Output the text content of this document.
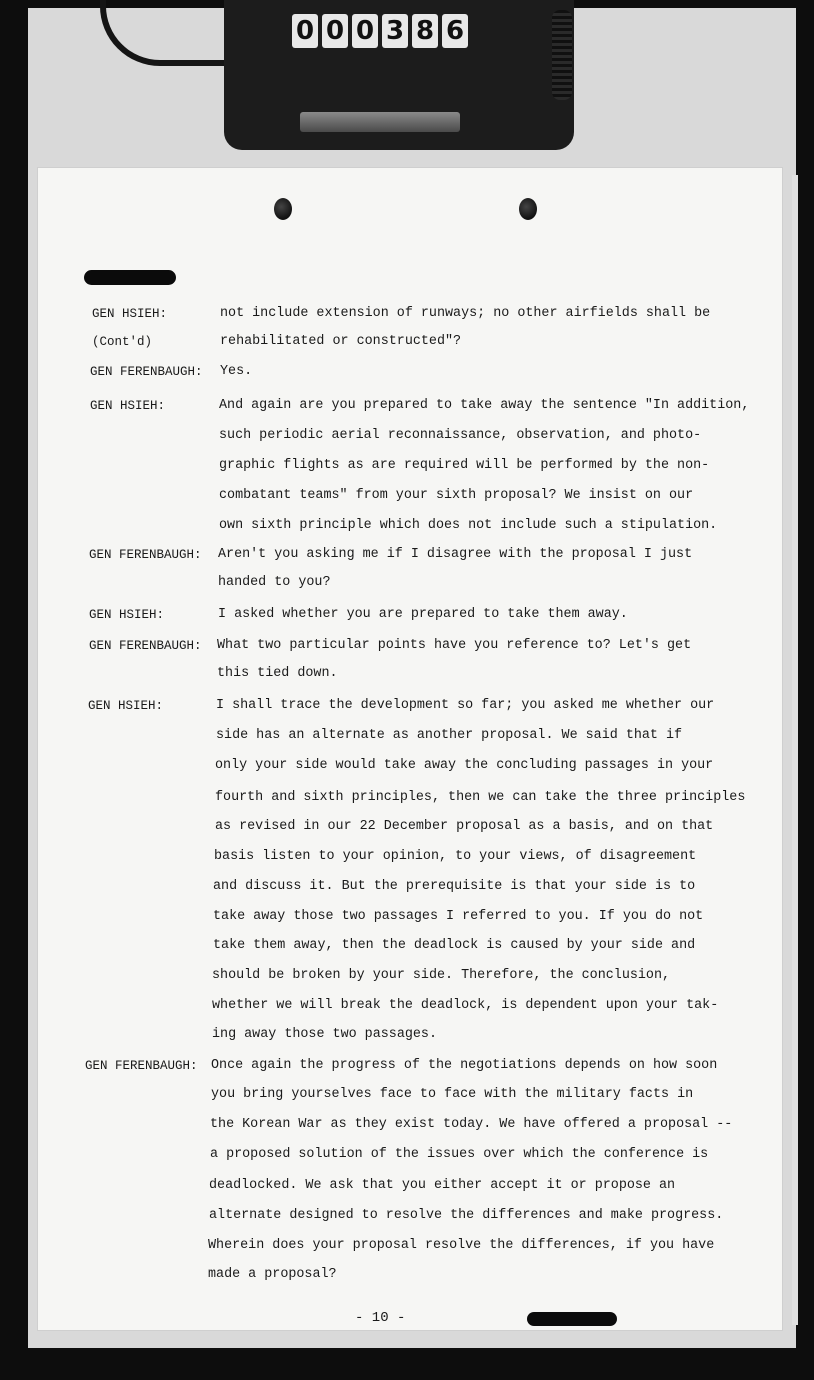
0 0 0 3 8 6
GEN HSIEH:	not include extension of runways; no other airfields shall be
(Cont'd)	rehabilitated or constructed"?
GEN FERENBAUGH: Yes.
GEN HSIEH:	And again are you prepared to take away the sentence "In addition,
such periodic aerial reconnaissance, observation, and photo-
graphic flights as are required will be performed by the non-
combatant teams" from your sixth proposal? We insist on our
own sixth principle which does not include such a stipulation.
GEN FERENBAUGH: Aren't you asking me if I disagree with the proposal I just
handed to you?
GEN HSIEH:	I asked whether you are prepared to take them away.
GEN FERENBAUGH: What two particular points have you reference to? Let's get
this tied down.
GEN HSIEH:	I shall trace the development so far; you asked me whether our
side has an alternate as another proposal. We said that if
only your side would take away the concluding passages in your
fourth and sixth principles, then we can take the three principles
as revised in our 22 December proposal as a basis, and on that
basis listen to your opinion, to your views, of disagreement
and discuss it. But the prerequisite is that your side is to
take away those two passages I referred to you. If you do not
take them away, then the deadlock is caused by your side and
should be broken by your side. Therefore, the conclusion,
whether we will break the deadlock, is dependent upon your tak-
ing away those two passages.
GEN FERENBAUGH: Once again the progress of the negotiations depends on how soon
you bring yourselves face to face with the military facts in
the Korean War as they exist today. We have offered a proposal --
a proposed solution of the issues over which the conference is
deadlocked. We ask that you either accept it or propose an
alternate designed to resolve the differences and make progress.
Wherein does your proposal resolve the differences, if you have
made a proposal?
- 10 -
